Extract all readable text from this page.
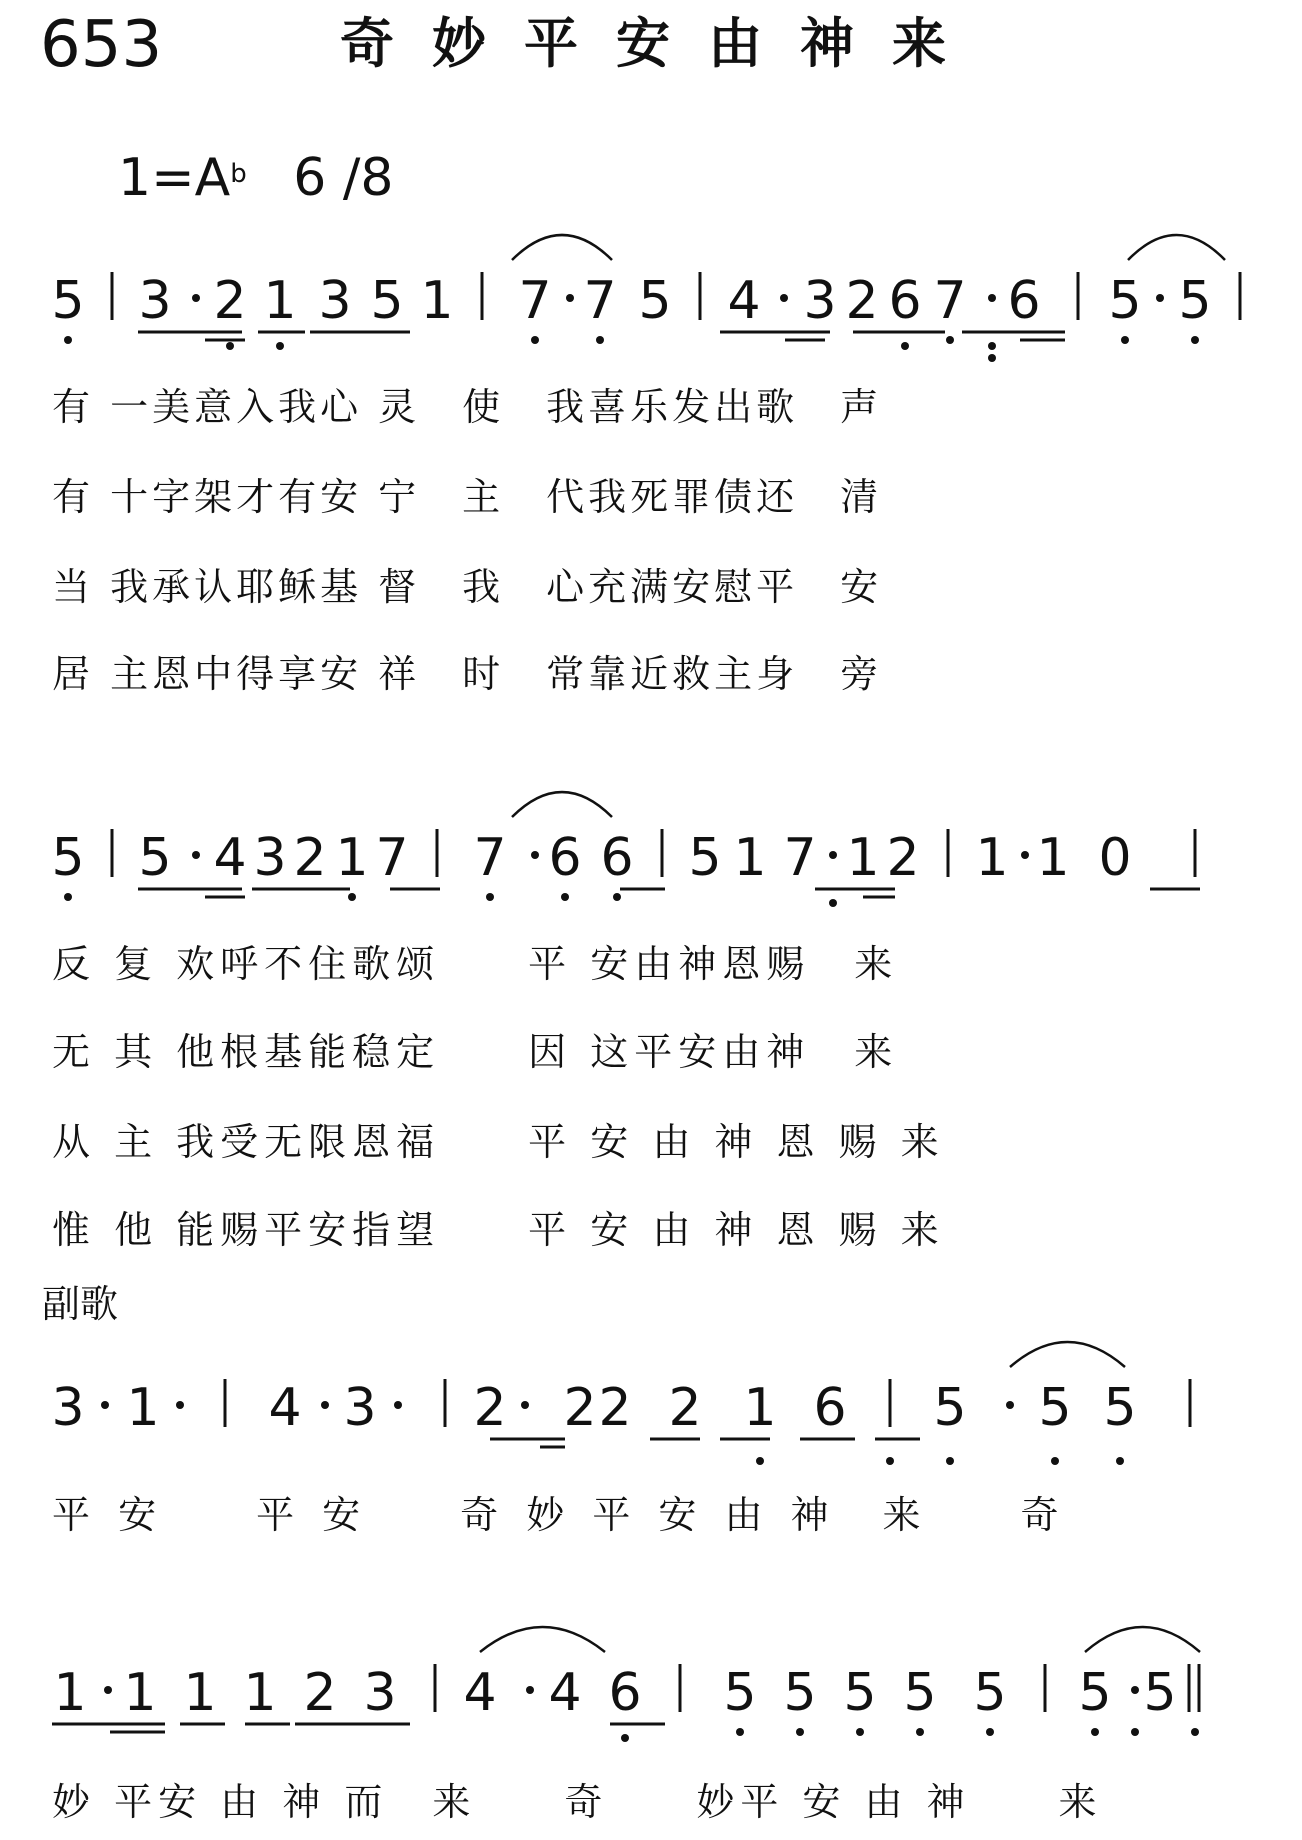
653	奇妙平安由神来
$1=A^b$ 6 /8
副歌
有 一美意入我心 灵　使　我喜乐发出歌　声
有 十字架才有安 宁　主　代我死罪债还　清
当 我承认耶稣基 督　我　心充满安慰平　安
居 主恩中得享安 祥　时　常靠近救主身　旁
反 复 欢呼不住歌颂　　平 安由神恩赐　来
无 其 他根基能稳定　　因 这平安由神　来
从 主 我受无限恩福　　平 安 由 神 恩 赐 来
惟 他 能赐平安指望　　平 安 由 神 恩 赐 来
平 安　　平 安　　奇 妙 平 安 由 神　来　　奇
妙 平安 由 神 而　来　　奇　　妙平 安 由 神　　来
5 3 2 1 3 5 1 7 7 5 4 3 2 6 7 6 5 5
5 5 4 3 2 1 7 7 6 6 5 1 7 1 2 1 1 0
3 1 4 3 2 2 2 2 1 6 5 5 5
1 1 1 1 2 3 4 4 6 5 5 5 5 5 5 5
